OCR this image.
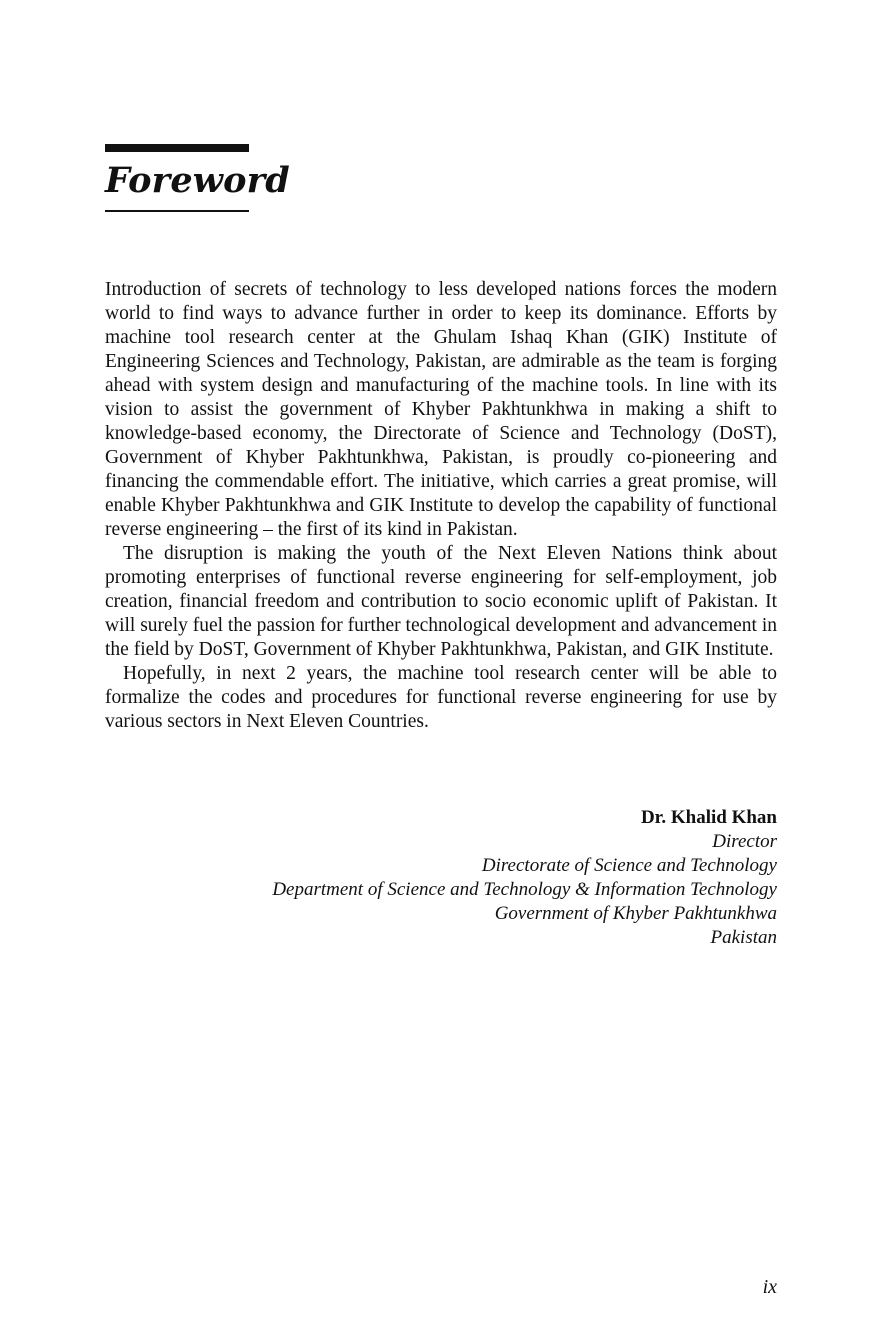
Foreword

Introduction of secrets of technology to less developed nations forces the modern world to find ways to advance further in order to keep its dominance. Efforts by machine tool research center at the Ghulam Ishaq Khan (GIK) Institute of Engineering Sciences and Technology, Pakistan, are admirable as the team is forging ahead with system design and manufacturing of the machine tools. In line with its vision to assist the government of Khyber Pakhtunkhwa in making a shift to knowledge-based economy, the Directorate of Science and Technology (DoST), Government of Khyber Pakhtunkhwa, Pakistan, is proudly co-pioneering and financing the commendable effort. The initiative, which carries a great promise, will enable Khyber Pakhtunkhwa and GIK Institute to develop the capability of functional reverse engineering – the first of its kind in Pakistan.

The disruption is making the youth of the Next Eleven Nations think about promoting enterprises of functional reverse engineering for self-employment, job creation, financial freedom and contribution to socio economic uplift of Pakistan. It will surely fuel the passion for further technological development and advancement in the field by DoST, Government of Khyber Pakhtunkhwa, Pakistan, and GIK Institute.

Hopefully, in next 2 years, the machine tool research center will be able to formalize the codes and procedures for functional reverse engineering for use by various sectors in Next Eleven Countries.

Dr. Khalid Khan
Director
Directorate of Science and Technology
Department of Science and Technology & Information Technology
Government of Khyber Pakhtunkhwa
Pakistan
ix
